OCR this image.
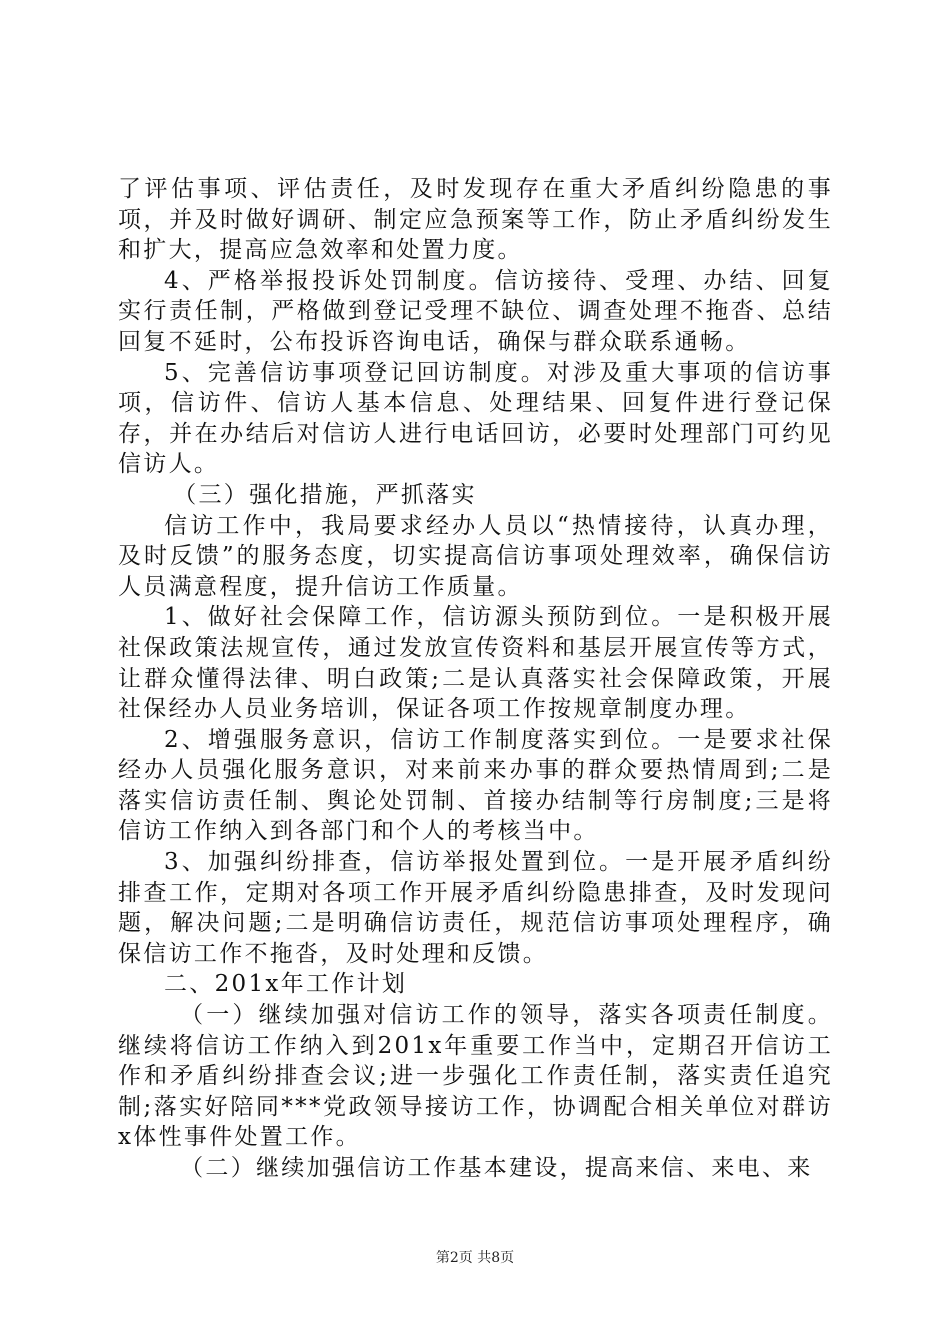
了评估事项、评估责任，及时发现存在重大矛盾纠纷隐患的事项，并及时做好调研、制定应急预案等工作，防止矛盾纠纷发生和扩大，提高应急效率和处置力度。

4、严格举报投诉处罚制度。信访接待、受理、办结、回复实行责任制，严格做到登记受理不缺位、调查处理不拖沓、总结回复不延时，公布投诉咨询电话，确保与群众联系通畅。

5、完善信访事项登记回访制度。对涉及重大事项的信访事项，信访件、信访人基本信息、处理结果、回复件进行登记保存，并在办结后对信访人进行电话回访，必要时处理部门可约见信访人。

（三）强化措施，严抓落实

信访工作中，我局要求经办人员以“热情接待，认真办理，及时反馈”的服务态度，切实提高信访事项处理效率，确保信访人员满意程度，提升信访工作质量。

1、做好社会保障工作，信访源头预防到位。一是积极开展社保政策法规宣传，通过发放宣传资料和基层开展宣传等方式，让群众懂得法律、明白政策;二是认真落实社会保障政策，开展社保经办人员业务培训，保证各项工作按规章制度办理。

2、增强服务意识，信访工作制度落实到位。一是要求社保经办人员强化服务意识，对来前来办事的群众要热情周到;二是落实信访责任制、舆论处罚制、首接办结制等行房制度;三是将信访工作纳入到各部门和个人的考核当中。

3、加强纠纷排查，信访举报处置到位。一是开展矛盾纠纷排查工作，定期对各项工作开展矛盾纠纷隐患排查，及时发现问题，解决问题;二是明确信访责任，规范信访事项处理程序，确保信访工作不拖沓，及时处理和反馈。

二、201x年工作计划

（一）继续加强对信访工作的领导，落实各项责任制度。继续将信访工作纳入到201x年重要工作当中，定期召开信访工作和矛盾纠纷排查会议;进一步强化工作责任制，落实责任追究制;落实好陪同***党政领导接访工作，协调配合相关单位对群访x体性事件处置工作。

（二）继续加强信访工作基本建设，提高来信、来电、来

第2页 共8页
